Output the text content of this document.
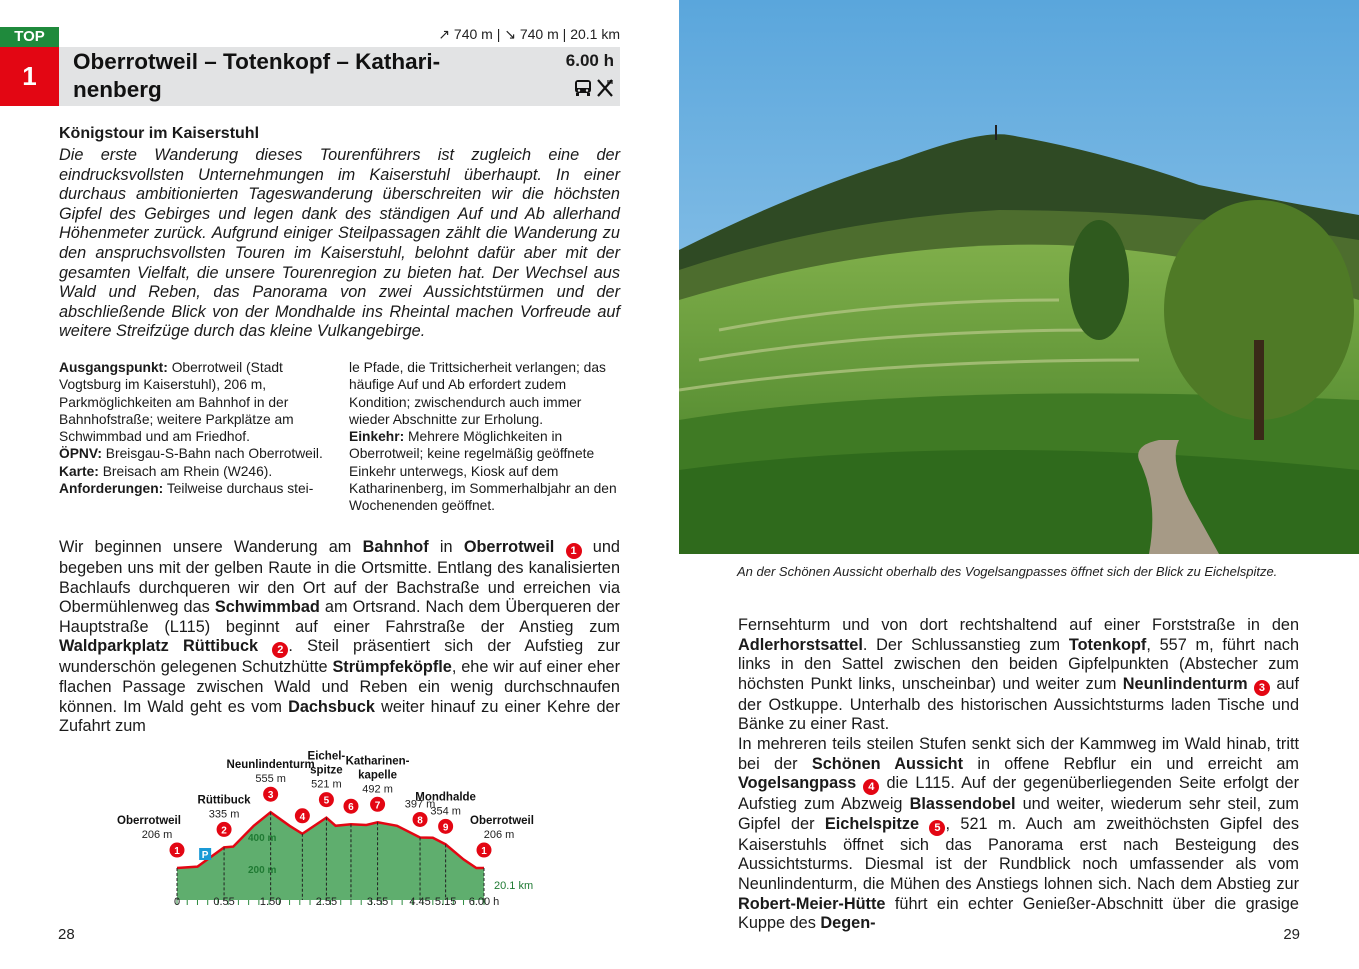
TOP
1
↗ 740 m | ↘ 740 m | 20.1 km
Oberrotweil – Totenkopf – Kathari-
nenberg
6.00 h
Königstour im Kaiserstuhl
Die erste Wanderung dieses Tourenführers ist zugleich eine der eindrucksvollsten Unternehmungen im Kaiserstuhl überhaupt. In einer durchaus ambitionierten Tageswanderung überschreiten wir die höchsten Gipfel des Gebirges und legen dank des ständigen Auf und Ab allerhand Höhenmeter zurück. Aufgrund einiger Steilpassagen zählt die Wanderung zu den anspruchsvollsten Touren im Kaiserstuhl, belohnt dafür aber mit der gesamten Vielfalt, die unsere Tourenregion zu bieten hat. Der Wechsel aus Wald und Reben, das Panorama von zwei Aussichtstürmen und der abschließende Blick von der Mondhalde ins Rheintal machen Vorfreude auf weitere Streifzüge durch das kleine Vulkangebirge.
Ausgangspunkt: Oberrotweil (Stadt Vogtsburg im Kaiserstuhl), 206 m, Parkmöglichkeiten am Bahnhof in der Bahnhofstraße; weitere Parkplätze am Schwimmbad und am Friedhof.
ÖPNV: Breisgau-S-Bahn nach Oberrotweil.
Karte: Breisach am Rhein (W246).
Anforderungen: Teilweise durchaus stei-
le Pfade, die Trittsicherheit verlangen; das häufige Auf und Ab erfordert zudem Kondition; zwischendurch auch immer wieder Abschnitte zur Erholung.
Einkehr: Mehrere Möglichkeiten in Oberrotweil; keine regelmäßig geöffnete Einkehr unterwegs, Kiosk auf dem Katharinenberg, im Sommerhalbjahr an den Wochenenden geöffnet.
Wir beginnen unsere Wanderung am Bahnhof in Oberrotweil 1 und begeben uns mit der gelben Raute in die Ortsmitte. Entlang des kanalisierten Bachlaufs durchqueren wir den Ort auf der Bachstraße und erreichen via Obermühlenweg das Schwimmbad am Ortsrand. Nach dem Überqueren der Hauptstraße (L115) beginnt auf einer Fahrstraße der Anstieg zum Waldparkplatz Rüttibuck 2 . Steil präsentiert sich der Aufstieg zur wunderschön gelegenen Schutzhütte Strümpfeköpfle, ehe wir auf einer eher flachen Passage zwischen Wald und Reben ein wenig durchschnaufen können. Im Wald geht es vom Dachsbuck weiter hinauf zu einer Kehre der Zufahrt zum
400 m
200 m
0	0.55 1.50	2.55	3.55 4.45 5.15 6.00 h
20.1 km
1
206 m
Oberrotweil
2
335 m
Rüttibuck 3
555 m
Neunlindenturm
4
5
521 m
Eichel-
spitze
6 7
492 m
Katharinen-
kapelle
8
397 m
9
354 m
Mondhalde
1
206 m
Oberrotweil
P
28
An der Schönen Aussicht oberhalb des Vogelsangpasses öffnet sich der Blick zu Eichelspitze.
Fernsehturm und von dort rechtshaltend auf einer Forststraße in den Adlerhorstsattel. Der Schlussanstieg zum Totenkopf, 557 m, führt nach links in den Sattel zwischen den beiden Gipfelpunkten (Abstecher zum höchsten Punkt links, unscheinbar) und weiter zum Neunlindenturm 3 auf der Ostkuppe. Unterhalb des historischen Aussichtsturms laden Tische und Bänke zu einer Rast.
In mehreren teils steilen Stufen senkt sich der Kammweg im Wald hinab, tritt bei der Schönen Aussicht in offene Rebflur ein und erreicht am Vogelsangpass 4 die L115. Auf der gegenüberliegenden Seite erfolgt der Aufstieg zum Abzweig Blassendobel und weiter, wiederum sehr steil, zum Gipfel der Eichelspitze 5 , 521 m. Auch am zweithöchsten Gipfel des Kaiserstuhls öffnet sich das Panorama erst nach Besteigung des Aussichtsturms. Diesmal ist der Rundblick noch umfassender als vom Neunlindenturm, die Mühen des Anstiegs lohnen sich. Nach dem Abstieg zur Robert-Meier-Hütte führt ein echter Genießer-Abschnitt über die grasige Kuppe des Degen-
29
